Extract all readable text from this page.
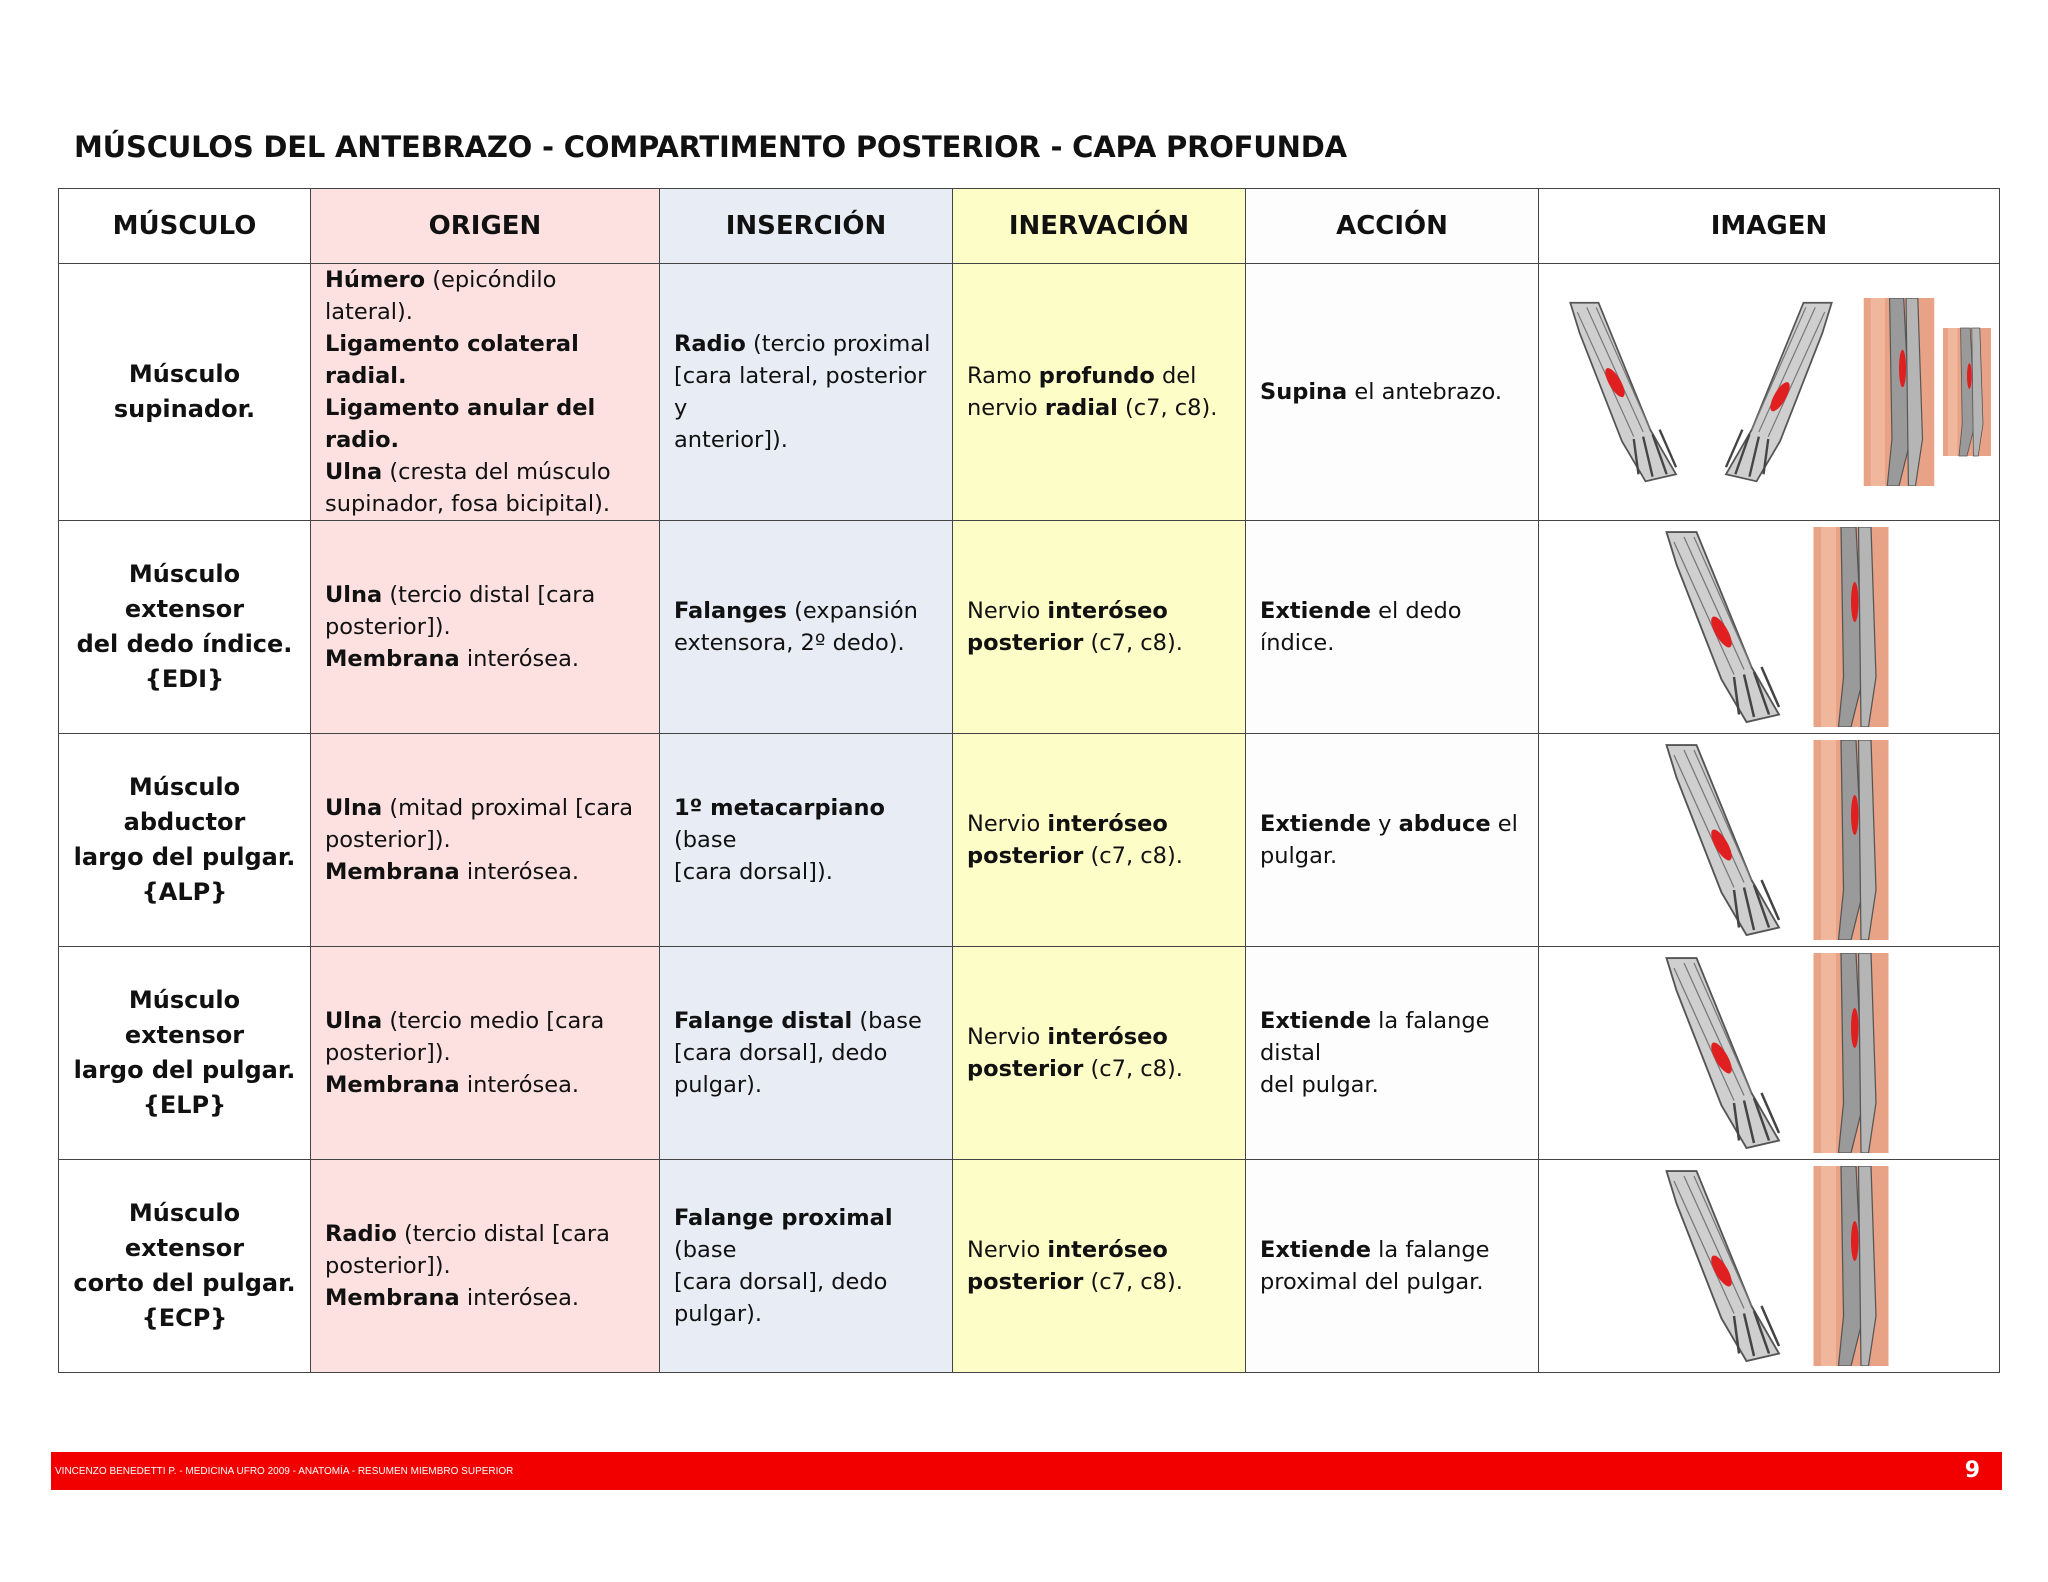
MÚSCULOS DEL ANTEBRAZO - COMPARTIMENTO POSTERIOR - CAPA PROFUNDA
MÚSCULO	ORIGEN	INSERCIÓN	INERVACIÓN	ACCIÓN	IMAGEN

Músculo
supinador.	Húmero (epicóndilo lateral).
Ligamento colateral radial.
Ligamento anular del radio.
Ulna (cresta del músculo
supinador, fosa bicipital).	Radio (tercio proximal
[cara lateral, posterior y
anterior]).	Ramo profundo del
nervio radial (c7, c8).	Supina el antebrazo.

Músculo extensor
del dedo índice.
{EDI}	Ulna (tercio distal [cara
posterior]).
Membrana interósea.	Falanges (expansión
extensora, 2º dedo).	Nervio interóseo
posterior (c7, c8).	Extiende el dedo índice.

Músculo abductor
largo del pulgar.
{ALP}	Ulna (mitad proximal [cara
posterior]).
Membrana interósea.	1º metacarpiano (base
[cara dorsal]).	Nervio interóseo
posterior (c7, c8).	Extiende y abduce el
pulgar.

Músculo extensor
largo del pulgar.
{ELP}	Ulna (tercio medio [cara
posterior]).
Membrana interósea.	Falange distal (base
[cara dorsal], dedo
pulgar).	Nervio interóseo
posterior (c7, c8).	Extiende la falange distal
del pulgar.

Músculo extensor
corto del pulgar.
{ECP}	Radio (tercio distal [cara
posterior]).
Membrana interósea.	Falange proximal (base
[cara dorsal], dedo
pulgar).	Nervio interóseo
posterior (c7, c8).	Extiende la falange
proximal del pulgar.

VINCENZO BENEDETTI P. - MEDICINA UFRO 2009 - ANATOMÍA - RESUMEN MIEMBRO SUPERIOR	9
